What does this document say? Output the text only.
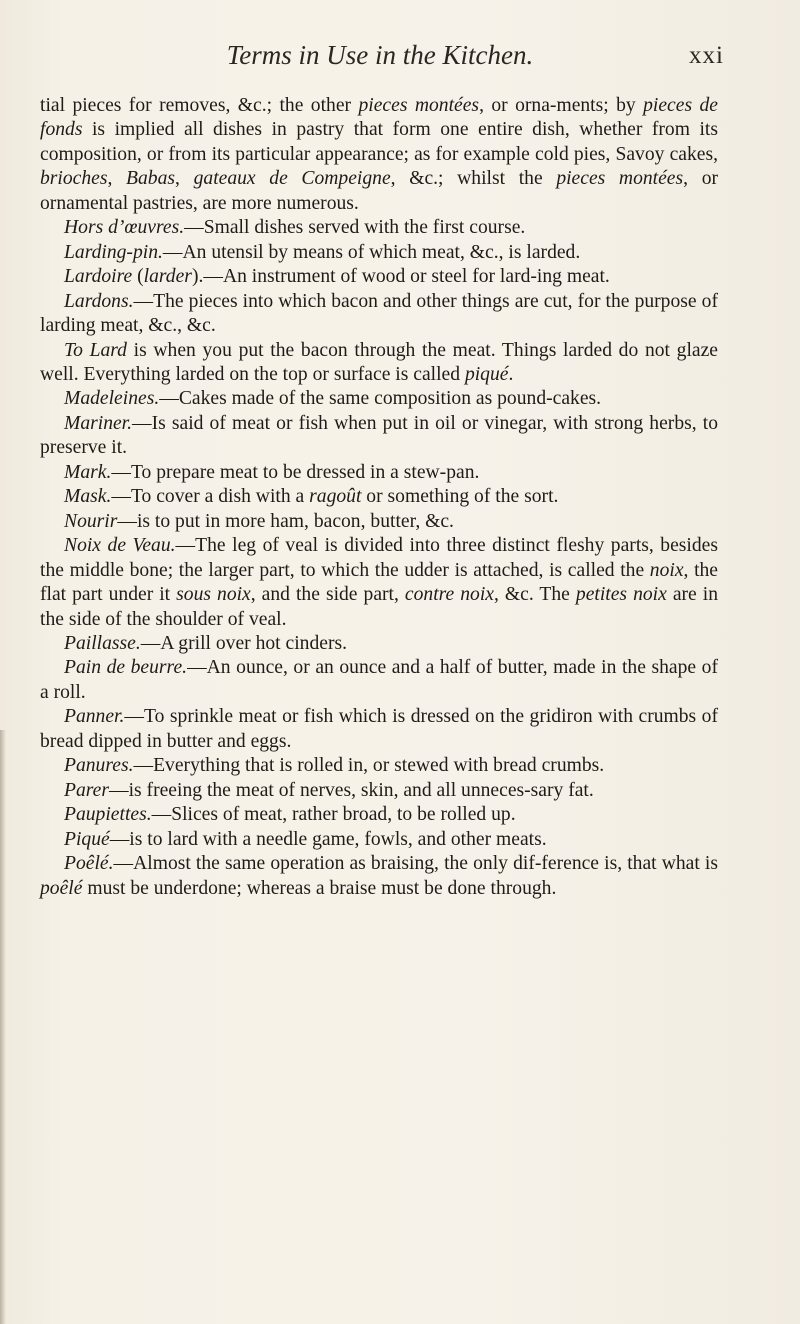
Terms in Use in the Kitchen.	xxi

tial pieces for removes, &c.; the other pieces montées, or orna-ments; by pieces de fonds is implied all dishes in pastry that form one entire dish, whether from its composition, or from its particular appearance; as for example cold pies, Savoy cakes, brioches, Babas, gateaux de Compeigne, &c.; whilst the pieces montées, or ornamental pastries, are more numerous.

Hors d’œuvres.—Small dishes served with the first course.

Larding-pin.—An utensil by means of which meat, &c., is larded.

Lardoire (larder).—An instrument of wood or steel for lard-ing meat.

Lardons.—The pieces into which bacon and other things are cut, for the purpose of larding meat, &c., &c.

To Lard is when you put the bacon through the meat. Things larded do not glaze well. Everything larded on the top or surface is called piqué.

Madeleines.—Cakes made of the same composition as pound-cakes.

Mariner.—Is said of meat or fish when put in oil or vinegar, with strong herbs, to preserve it.

Mark.—To prepare meat to be dressed in a stew-pan.

Mask.—To cover a dish with a ragoût or something of the sort.

Nourir—is to put in more ham, bacon, butter, &c.

Noix de Veau.—The leg of veal is divided into three distinct fleshy parts, besides the middle bone; the larger part, to which the udder is attached, is called the noix, the flat part under it sous noix, and the side part, contre noix, &c. The petites noix are in the side of the shoulder of veal.

Paillasse.—A grill over hot cinders.

Pain de beurre.—An ounce, or an ounce and a half of butter, made in the shape of a roll.

Panner.—To sprinkle meat or fish which is dressed on the gridiron with crumbs of bread dipped in butter and eggs.

Panures.—Everything that is rolled in, or stewed with bread crumbs.

Parer—is freeing the meat of nerves, skin, and all unneces-sary fat.

Paupiettes.—Slices of meat, rather broad, to be rolled up.

Piqué—is to lard with a needle game, fowls, and other meats.

Poêlé.—Almost the same operation as braising, the only dif-ference is, that what is poêlé must be underdone; whereas a braise must be done through.
